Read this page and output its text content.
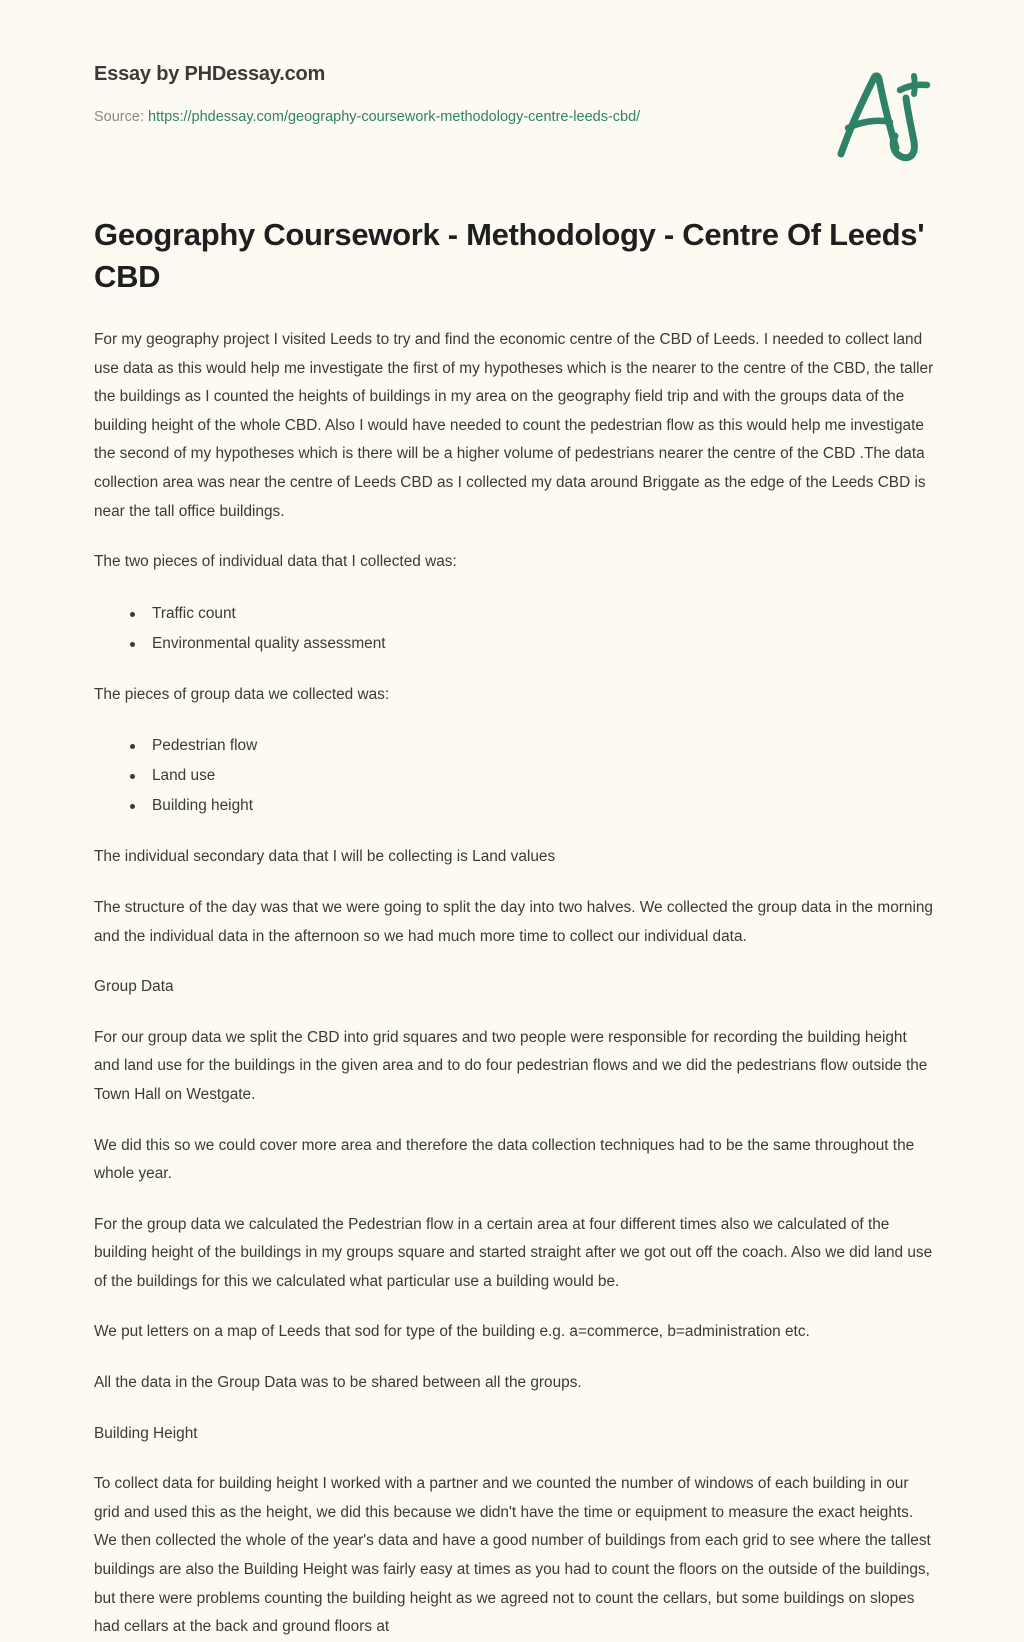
Essay by PHDessay.com
Source: https://phdessay.com/geography-coursework-methodology-centre-leeds-cbd/
Geography Coursework - Methodology - Centre Of Leeds' CBD

For my geography project I visited Leeds to try and find the economic centre of the CBD of Leeds. I needed to collect land use data as this would help me investigate the first of my hypotheses which is the nearer to the centre of the CBD, the taller the buildings as I counted the heights of buildings in my area on the geography field trip and with the groups data of the building height of the whole CBD. Also I would have needed to count the pedestrian flow as this would help me investigate the second of my hypotheses which is there will be a higher volume of pedestrians nearer the centre of the CBD .The data collection area was near the centre of Leeds CBD as I collected my data around Briggate as the edge of the Leeds CBD is near the tall office buildings.

The two pieces of individual data that I collected was:

Traffic count
Environmental quality assessment

The pieces of group data we collected was:

Pedestrian flow
Land use
Building height

The individual secondary data that I will be collecting is Land values

The structure of the day was that we were going to split the day into two halves. We collected the group data in the morning and the individual data in the afternoon so we had much more time to collect our individual data.

Group Data

For our group data we split the CBD into grid squares and two people were responsible for recording the building height and land use for the buildings in the given area and to do four pedestrian flows and we did the pedestrians flow outside the Town Hall on Westgate.

We did this so we could cover more area and therefore the data collection techniques had to be the same throughout the whole year.

For the group data we calculated the Pedestrian flow in a certain area at four different times also we calculated of the building height of the buildings in my groups square and started straight after we got out off the coach. Also we did land use of the buildings for this we calculated what particular use a building would be.

We put letters on a map of Leeds that sod for type of the building e.g. a=commerce, b=administration etc.

All the data in the Group Data was to be shared between all the groups.

Building Height

To collect data for building height I worked with a partner and we counted the number of windows of each building in our grid and used this as the height, we did this because we didn't have the time or equipment to measure the exact heights. We then collected the whole of the year's data and have a good number of buildings from each grid to see where the tallest buildings are also the Building Height was fairly easy at times as you had to count the floors on the outside of the buildings, but there were problems counting the building height as we agreed not to count the cellars, but some buildings on slopes had cellars at the back and ground floors at
